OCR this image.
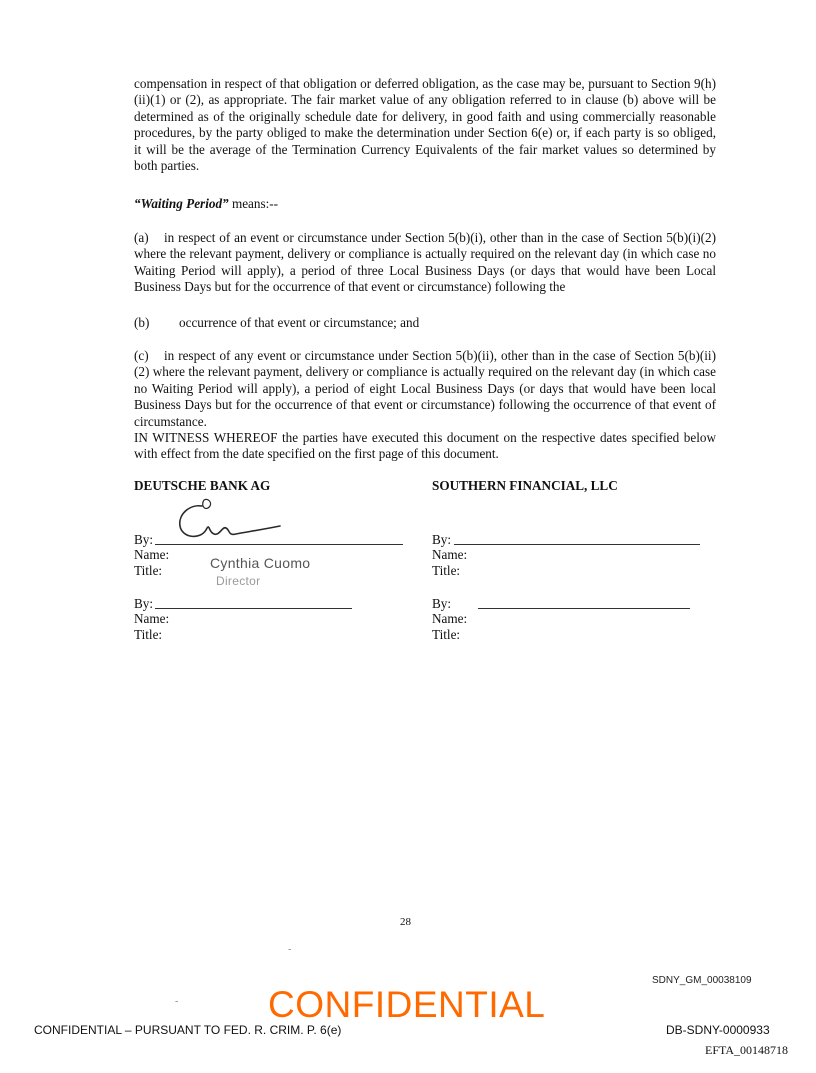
compensation in respect of that obligation or deferred obligation, as the case may be, pursuant to Section 9(h)(ii)(1) or (2), as appropriate. The fair market value of any obligation referred to in clause (b) above will be determined as of the originally schedule date for delivery, in good faith and using commercially reasonable procedures, by the party obliged to make the determination under Section 6(e) or, if each party is so obliged, it will be the average of the Termination Currency Equivalents of the fair market values so determined by both parties.

“Waiting Period” means:--

(a) in respect of an event or circumstance under Section 5(b)(i), other than in the case of Section 5(b)(i)(2) where the relevant payment, delivery or compliance is actually required on the relevant day (in which case no Waiting Period will apply), a period of three Local Business Days (or days that would have been Local Business Days but for the occurrence of that event or circumstance) following the

(b) occurrence of that event or circumstance; and

(c) in respect of any event or circumstance under Section 5(b)(ii), other than in the case of Section 5(b)(ii)(2) where the relevant payment, delivery or compliance is actually required on the relevant day (in which case no Waiting Period will apply), a period of eight Local Business Days (or days that would have been local Business Days but for the occurrence of that event or circumstance) following the occurrence of that event of circumstance.

IN WITNESS WHEREOF the parties have executed this document on the respective dates specified below with effect from the date specified on the first page of this document.

DEUTSCHE BANK AG
By:
Name:
Title:	Cynthia Cuomo
Director
By:
Name:
Title:
SOUTHERN FINANCIAL, LLC
By:
Name:
Title:
By:
Name:
Title:
28
-
-
SDNY_GM_00038109
CONFIDENTIAL
CONFIDENTIAL – PURSUANT TO FED. R. CRIM. P. 6(e)	DB-SDNY-0000933
EFTA_00148718
